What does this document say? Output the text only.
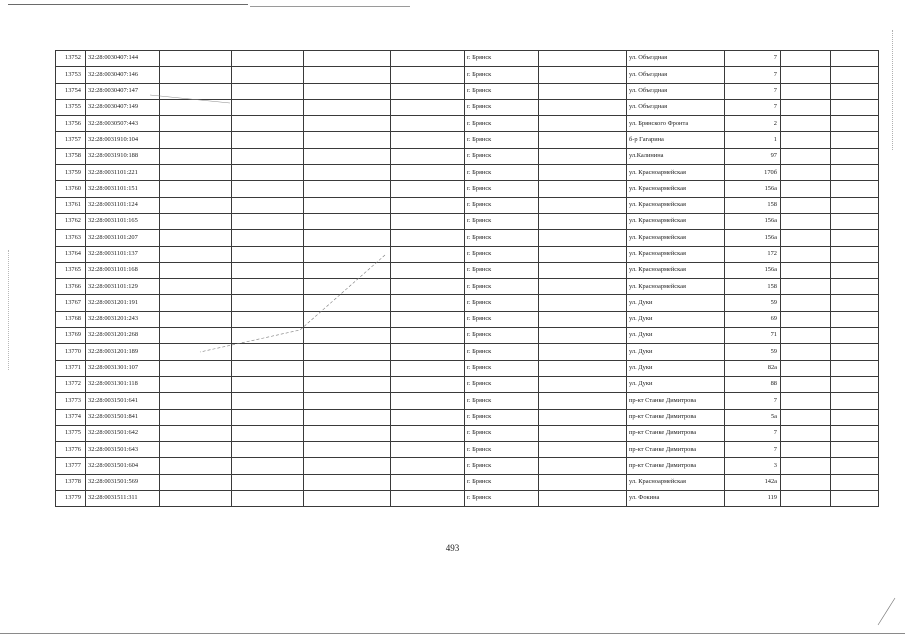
13752	32:28:0030407:144					г. Брянск		ул. Объездная	7		
13753	32:28:0030407:146					г. Брянск		ул. Объездная	7		
13754	32:28:0030407:147					г. Брянск		ул. Объездная	7		
13755	32:28:0030407:149					г. Брянск		ул. Объездная	7		
13756	32:28:0030507:443					г. Брянск		ул. Брянского Фронта	2		
13757	32:28:0031910:104					г. Брянск		б-р Гагарина	1		
13758	32:28:0031910:188					г. Брянск		ул.Калинина	97		
13759	32:28:0031101:221					г. Брянск		ул. Красноармейская	170б		
13760	32:28:0031101:151					г. Брянск		ул. Красноармейская	156а		
13761	32:28:0031101:124					г. Брянск		ул. Красноармейская	158		
13762	32:28:0031101:165					г. Брянск		ул. Красноармейская	156а		
13763	32:28:0031101:207					г. Брянск		ул. Красноармейская	156а		
13764	32:28:0031101:137					г. Брянск		ул. Красноармейская	172		
13765	32:28:0031101:168					г. Брянск		ул. Красноармейская	156а		
13766	32:28:0031101:129					г. Брянск		ул. Красноармейская	158		
13767	32:28:0031201:191					г. Брянск		ул. Дуки	59		
13768	32:28:0031201:243					г. Брянск		ул. Дуки	69		
13769	32:28:0031201:268					г. Брянск		ул. Дуки	71		
13770	32:28:0031201:189					г. Брянск		ул. Дуки	59		
13771	32:28:0031301:107					г. Брянск		ул. Дуки	82а		
13772	32:28:0031301:118					г. Брянск		ул. Дуки	88		
13773	32:28:0031501:641					г. Брянск		пр-кт Станке Димитрова	7		
13774	32:28:0031501:841					г. Брянск		пр-кт Станке Димитрова	5а		
13775	32:28:0031501:642					г. Брянск		пр-кт Станке Димитрова	7		
13776	32:28:0031501:643					г. Брянск		пр-кт Станке Димитрова	7		
13777	32:28:0031501:604					г. Брянск		пр-кт Станке Димитрова	3		
13778	32:28:0031501:569					г. Брянск		ул. Красноармейская	142а		
13779	32:28:0031511:311					г. Брянск		ул. Фокина	119		
493
